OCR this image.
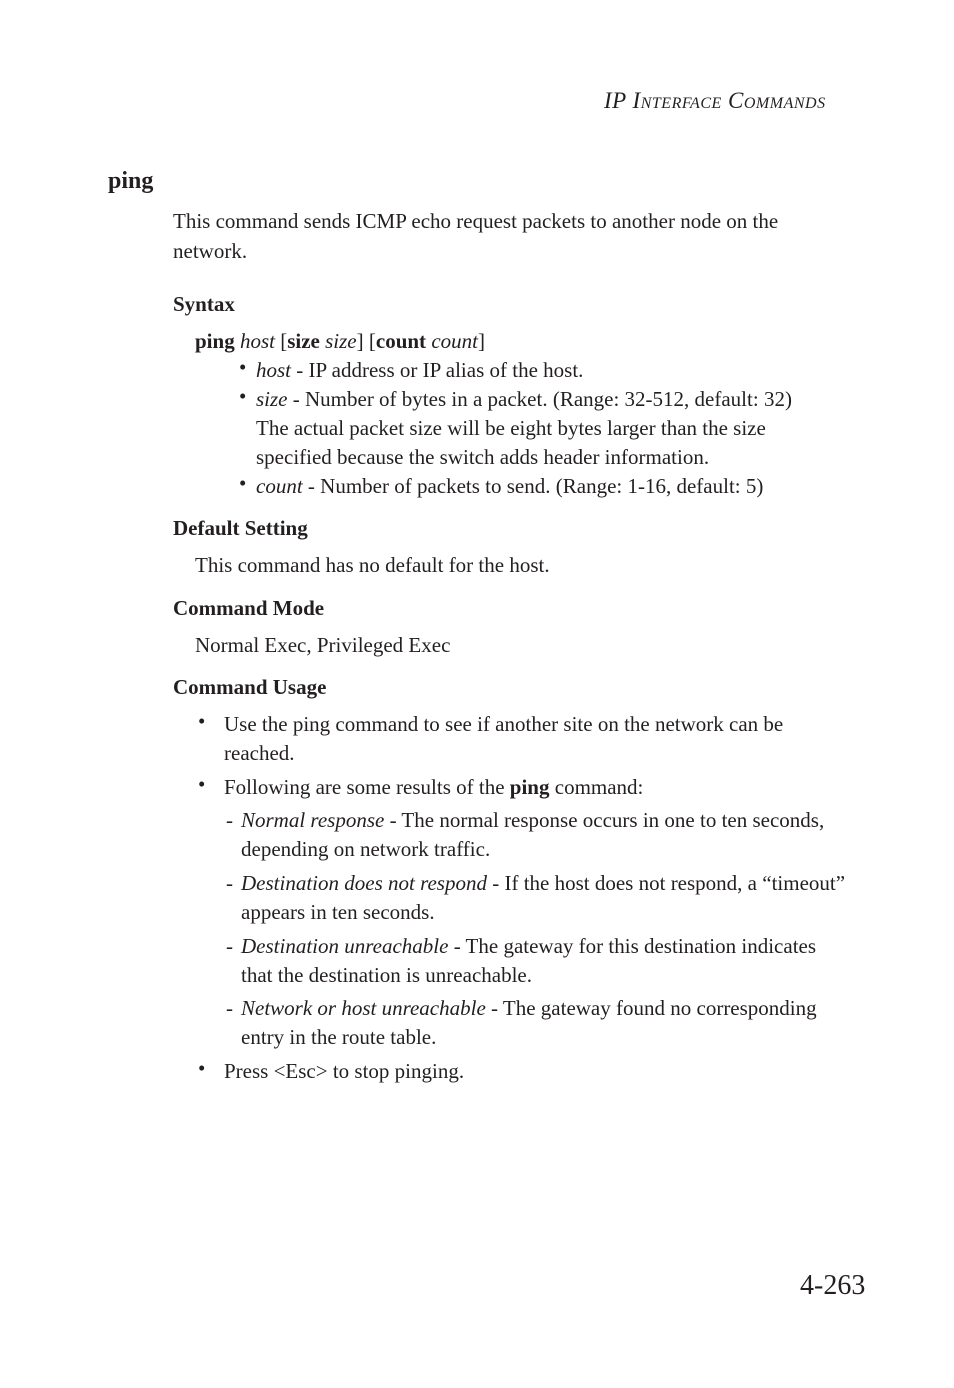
IP INTERFACE COMMANDS
ping
This command sends ICMP echo request packets to another node on the
network.
Syntax
ping host [size size] [count count]
• host - IP address or IP alias of the host.
• size - Number of bytes in a packet. (Range: 32-512, default: 32)
The actual packet size will be eight bytes larger than the size
specified because the switch adds header information.
• count - Number of packets to send. (Range: 1-16, default: 5)
Default Setting
This command has no default for the host.
Command Mode
Normal Exec, Privileged Exec
Command Usage
• Use the ping command to see if another site on the network can be
reached.
• Following are some results of the ping command:
- Normal response - The normal response occurs in one to ten seconds,
depending on network traffic.
- Destination does not respond - If the host does not respond, a “timeout”
appears in ten seconds.
- Destination unreachable - The gateway for this destination indicates
that the destination is unreachable.
- Network or host unreachable - The gateway found no corresponding
entry in the route table.
• Press <Esc> to stop pinging.
4-263
